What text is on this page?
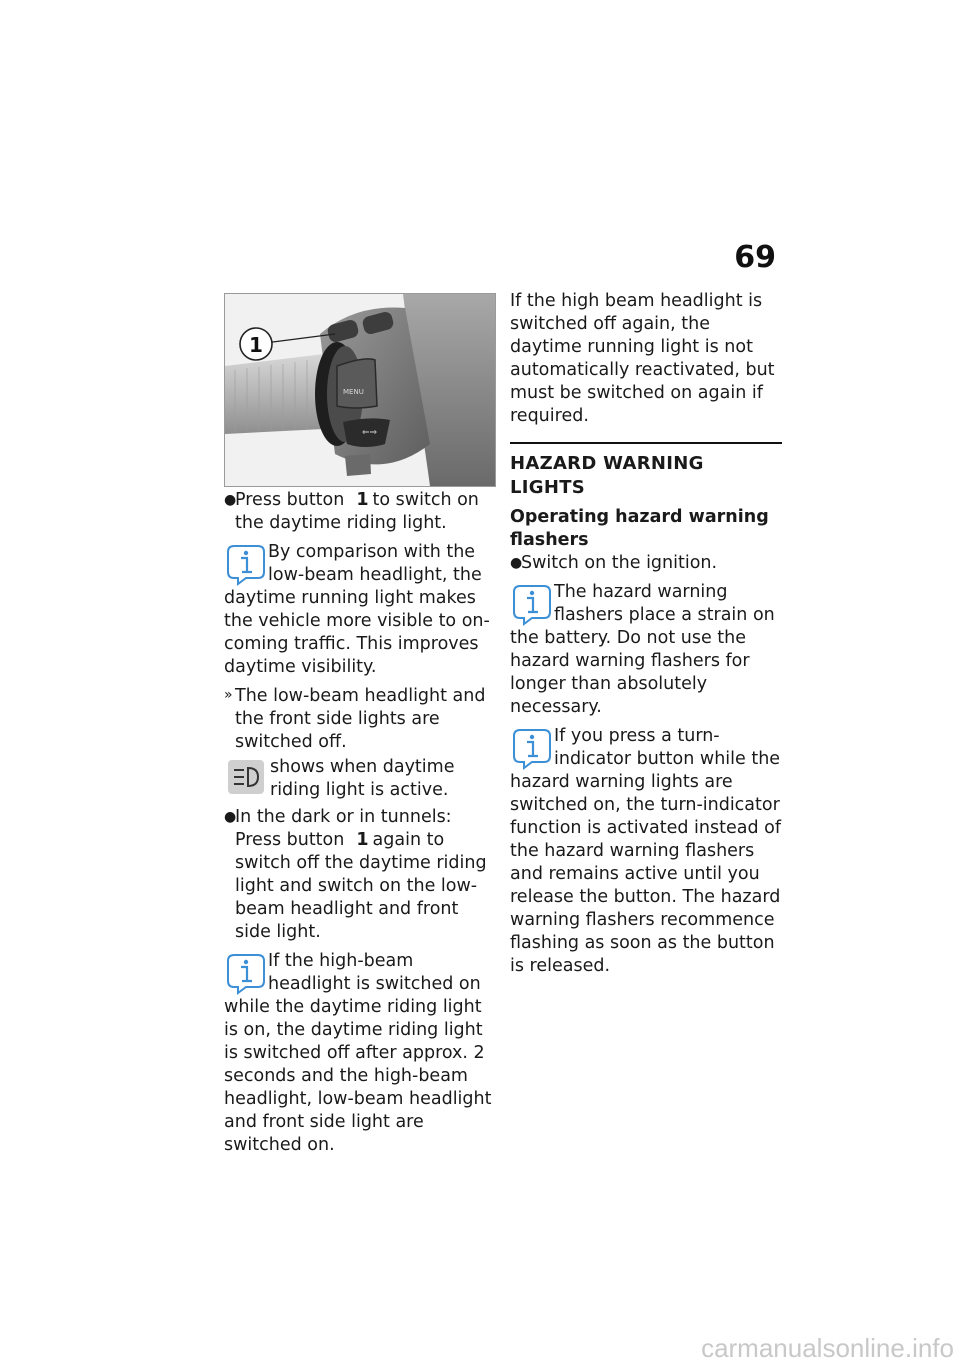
69
MENU
⇐⇒
1

●
Press button 1 to switch on the daytime riding light.

By comparison with the low-beam headlight, the daytime running light makes the vehicle more visible to on-coming traffic. This improves daytime visibility.

» The low-beam headlight and the front side lights are switched off.

shows when daytime riding light is active.

●
In the dark or in tunnels:
Press button 1 again to switch off the daytime riding light and switch on the low-beam headlight and front side light.

If the high-beam headlight is switched on while the daytime riding light is on, the daytime riding light is switched off after approx. 2 seconds and the high-beam headlight, low-beam headlight and front side light are switched on.

If the high beam headlight is switched off again, the daytime running light is not automatically reactivated, but must be switched on again if required.

HAZARD WARNING LIGHTS
Operating hazard warning flashers

●
Switch on the ignition.

The hazard warning flashers place a strain on the battery. Do not use the hazard warning flashers for longer than absolutely necessary.

If you press a turn-indicator button while the hazard warning lights are switched on, the turn-indicator function is activated instead of the hazard warning flashers and remains active until you release the button. The hazard warning flashers recommence flashing as soon as the button is released.

carmanualsonline.info
